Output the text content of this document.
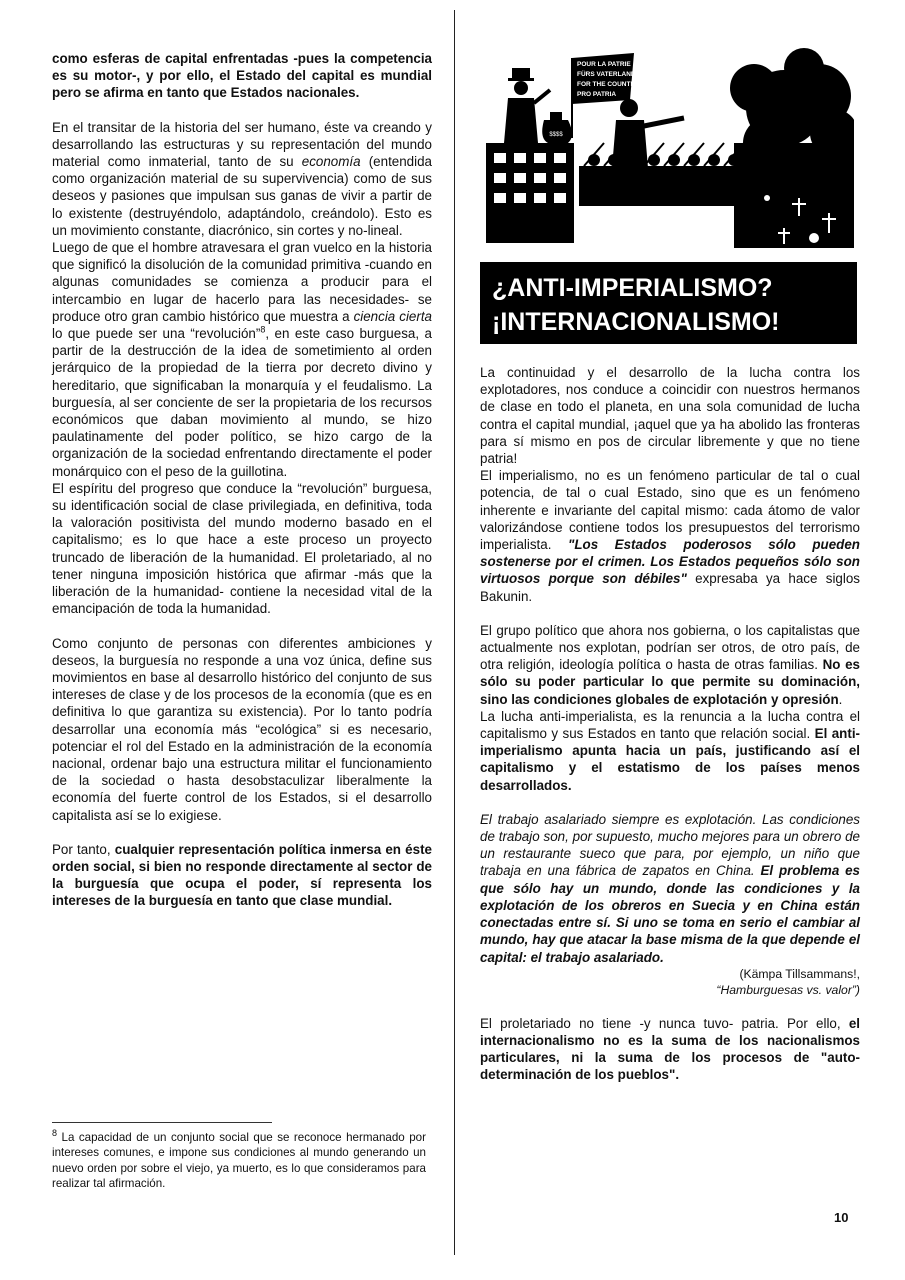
como esferas de capital enfrentadas -pues la competencia es su motor-, y por ello, el Estado del capital es mundial pero se afirma en tanto que Estados nacionales.

En el transitar de la historia del ser humano, éste va creando y desarrollando las estructuras y su representación del mundo material como inmaterial, tanto de su economía (entendida como organización material de su supervivencia) como de sus deseos y pasiones que impulsan sus ganas de vivir a partir de lo existente (destruyéndolo, adaptándolo, creándolo). Esto es un movimiento constante, diacrónico, sin cortes y no-lineal.

Luego de que el hombre atravesara el gran vuelco en la historia que significó la disolución de la comunidad primitiva -cuando en algunas comunidades se comienza a producir para el intercambio en lugar de hacerlo para las necesidades- se produce otro gran cambio histórico que muestra a ciencia cierta lo que puede ser una “revolución”$^8$, en este caso burguesa, a partir de la destrucción de la idea de sometimiento al orden jerárquico de la propiedad de la tierra por decreto divino y hereditario, que significaban la monarquía y el feudalismo. La burguesía, al ser conciente de ser la propietaria de los recursos económicos que daban movimiento al mundo, se hizo paulatinamente del poder político, se hizo cargo de la organización de la sociedad enfrentando directamente el poder monárquico con el peso de la guillotina.

El espíritu del progreso que conduce la “revolución” burguesa, su identificación social de clase privilegiada, en definitiva, toda la valoración positivista del mundo moderno basado en el capitalismo; es lo que hace a este proceso un proyecto truncado de liberación de la humanidad. El proletariado, al no tener ninguna imposición histórica que afirmar -más que la liberación de la humanidad- contiene la necesidad vital de la emancipación de toda la humanidad.

Como conjunto de personas con diferentes ambiciones y deseos, la burguesía no responde a una voz única, define sus movimientos en base al desarrollo histórico del conjunto de sus intereses de clase y de los procesos de la economía (que es en definitiva lo que garantiza su existencia). Por lo tanto podría desarrollar una economía más “ecológica” si es necesario, potenciar el rol del Estado en la administración de la economía nacional, ordenar bajo una estructura militar el funcionamiento de la sociedad o hasta desobstaculizar liberalmente la economía del fuerte control de los Estados, si el desarrollo capitalista así se lo exigiese.

Por tanto, cualquier representación política inmersa en éste orden social, si bien no responde directamente al sector de la burguesía que ocupa el poder, sí representa los intereses de la burguesía en tanto que clase mundial.

$^8$ La capacidad de un conjunto social que se reconoce hermanado por intereses comunes, e impone sus condiciones al mundo generando un nuevo orden por sobre el viejo, ya muerto, es lo que consideramos para realizar tal afirmación.

$$$$
POUR LA PATRIE
FÜRS VATERLAND
FOR THE COUNTRY
PRO PATRIA
¿ANTI-IMPERIALISMO?
¡INTERNACIONALISMO!

La continuidad y el desarrollo de la lucha contra los explotadores, nos conduce a coincidir con nuestros hermanos de clase en todo el planeta, en una sola comunidad de lucha contra el capital mundial, ¡aquel que ya ha abolido las fronteras para sí mismo en pos de circular libremente y que no tiene patria!

El imperialismo, no es un fenómeno particular de tal o cual potencia, de tal o cual Estado, sino que es un fenómeno inherente e invariante del capital mismo: cada átomo de valor valorizándose contiene todos los presupuestos del terrorismo imperialista. "Los Estados poderosos sólo pueden sostenerse por el crimen. Los Estados pequeños sólo son virtuosos porque son débiles" expresaba ya hace siglos Bakunin.

El grupo político que ahora nos gobierna, o los capitalistas que actualmente nos explotan, podrían ser otros, de otro país, de otra religión, ideología política o hasta de otras familias. No es sólo su poder particular lo que permite su dominación, sino las condiciones globales de explotación y opresión.

La lucha anti-imperialista, es la renuncia a la lucha contra el capitalismo y sus Estados en tanto que relación social. El anti-imperialismo apunta hacia un país, justificando así el capitalismo y el estatismo de los países menos desarrollados.

El trabajo asalariado siempre es explotación. Las condiciones de trabajo son, por supuesto, mucho mejores para un obrero de un restaurante sueco que para, por ejemplo, un niño que trabaja en una fábrica de zapatos en China. El problema es que sólo hay un mundo, donde las condiciones y la explotación de los obreros en Suecia y en China están conectadas entre sí. Si uno se toma en serio el cambiar al mundo, hay que atacar la base misma de la que depende el capital: el trabajo asalariado.

(Kämpa Tillsammans!,

“Hamburguesas vs. valor”)

El proletariado no tiene -y nunca tuvo- patria. Por ello, el internacionalismo no es la suma de los nacionalismos particulares, ni la suma de los procesos de "auto-determinación de los pueblos".

10
